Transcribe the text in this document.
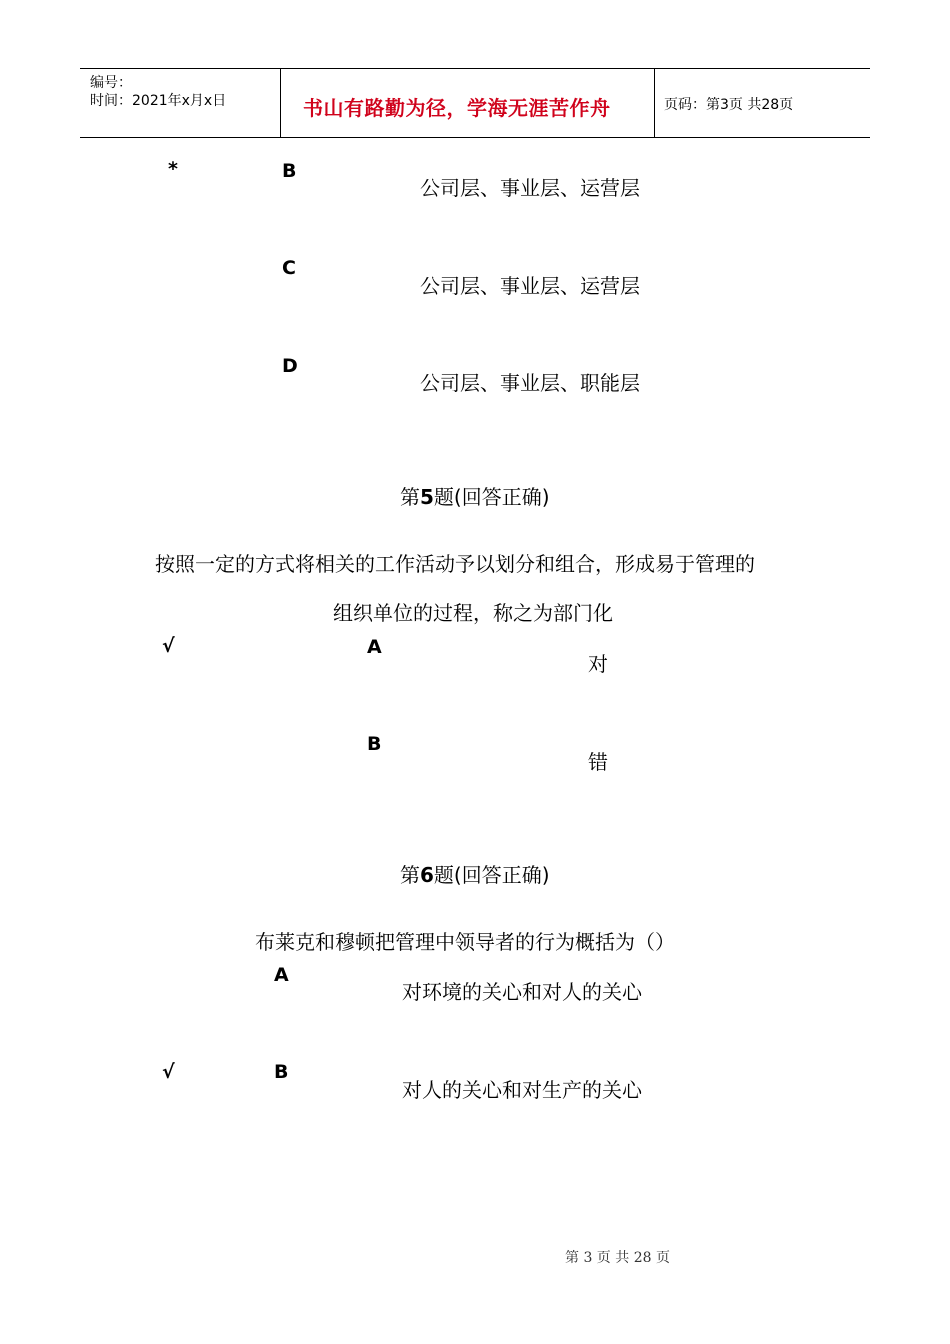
编号：
时间：2021年x月x日	书山有路勤为径，学海无涯苦作舟	页码：第3页 共28页
*	B
公司层、事业层、运营层
C
公司层、事业层、运营层
D
公司层、事业层、职能层
第5题(回答正确)
按照一定的方式将相关的工作活动予以划分和组合，形成易于管理的
组织单位的过程，称之为部门化
√	A
对
B
错
第6题(回答正确)
布莱克和穆顿把管理中领导者的行为概括为（）
A
对环境的关心和对人的关心
√	B
对人的关心和对生产的关心
第 3 页 共 28 页
